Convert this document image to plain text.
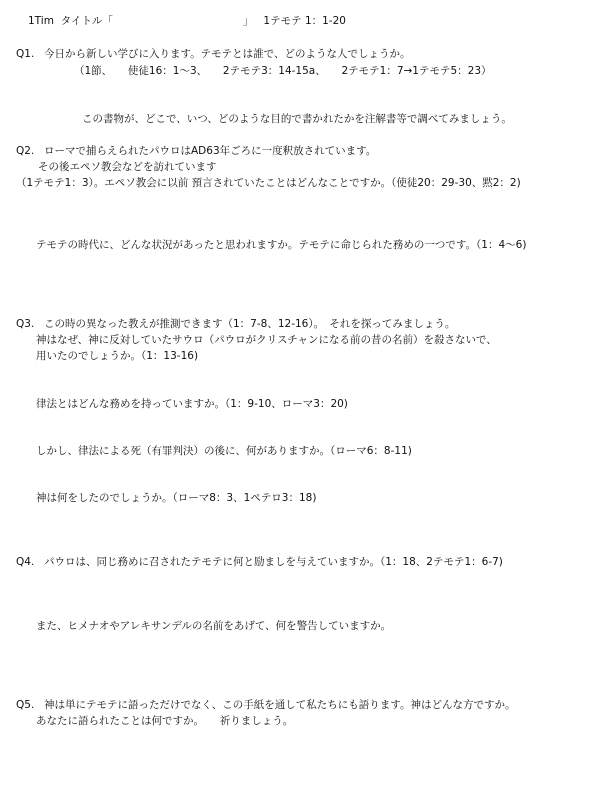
1Tim タイトル「	」 1テモテ 1：1-20

Q1. 今日から新しい学びに入ります。テモテとは誰で、どのような人でしょうか。

（1節、　　使徒16：1～3、　　2テモテ3：14-15a、　　2テモテ1：7→1テモテ5：23）

この書物が、どこで、いつ、どのような目的で書かれたかを注解書等で調べてみましょう。

Q2. ローマで捕らえられたパウロはAD63年ごろに一度釈放されています。

その後エペソ教会などを訪れています

（1テモテ1：3）。エペソ教会に以前 預言されていたことはどんなことですか。（使徒20：29-30、黙2：2)

テモテの時代に、どんな状況があったと思われますか。テモテに命じられた務めの一つです。（1：4～6)

Q3. この時の異なった教えが推測できます（1：7-8、12-16）。　それを探ってみましょう。

神はなぜ、神に反対していたサウロ（パウロがクリスチャンになる前の昔の名前）を殺さないで、

用いたのでしょうか。（1：13-16)

律法とはどんな務めを持っていますか。（1：9-10、ローマ3：20)

しかし、律法による死（有罪判決）の後に、何がありますか。（ローマ6：8-11)

神は何をしたのでしょうか。（ローマ8：3、1ペテロ3：18)

Q4. パウロは、同じ務めに召されたテモテに何と励ましを与えていますか。（1：18、2テモテ1：6-7)

また、ヒメナオやアレキサンデルの名前をあげて、何を警告していますか。

Q5. 神は単にテモテに語っただけでなく、この手紙を通して私たちにも語ります。神はどんな方ですか。

あなたに語られたことは何ですか。　　祈りましょう。
